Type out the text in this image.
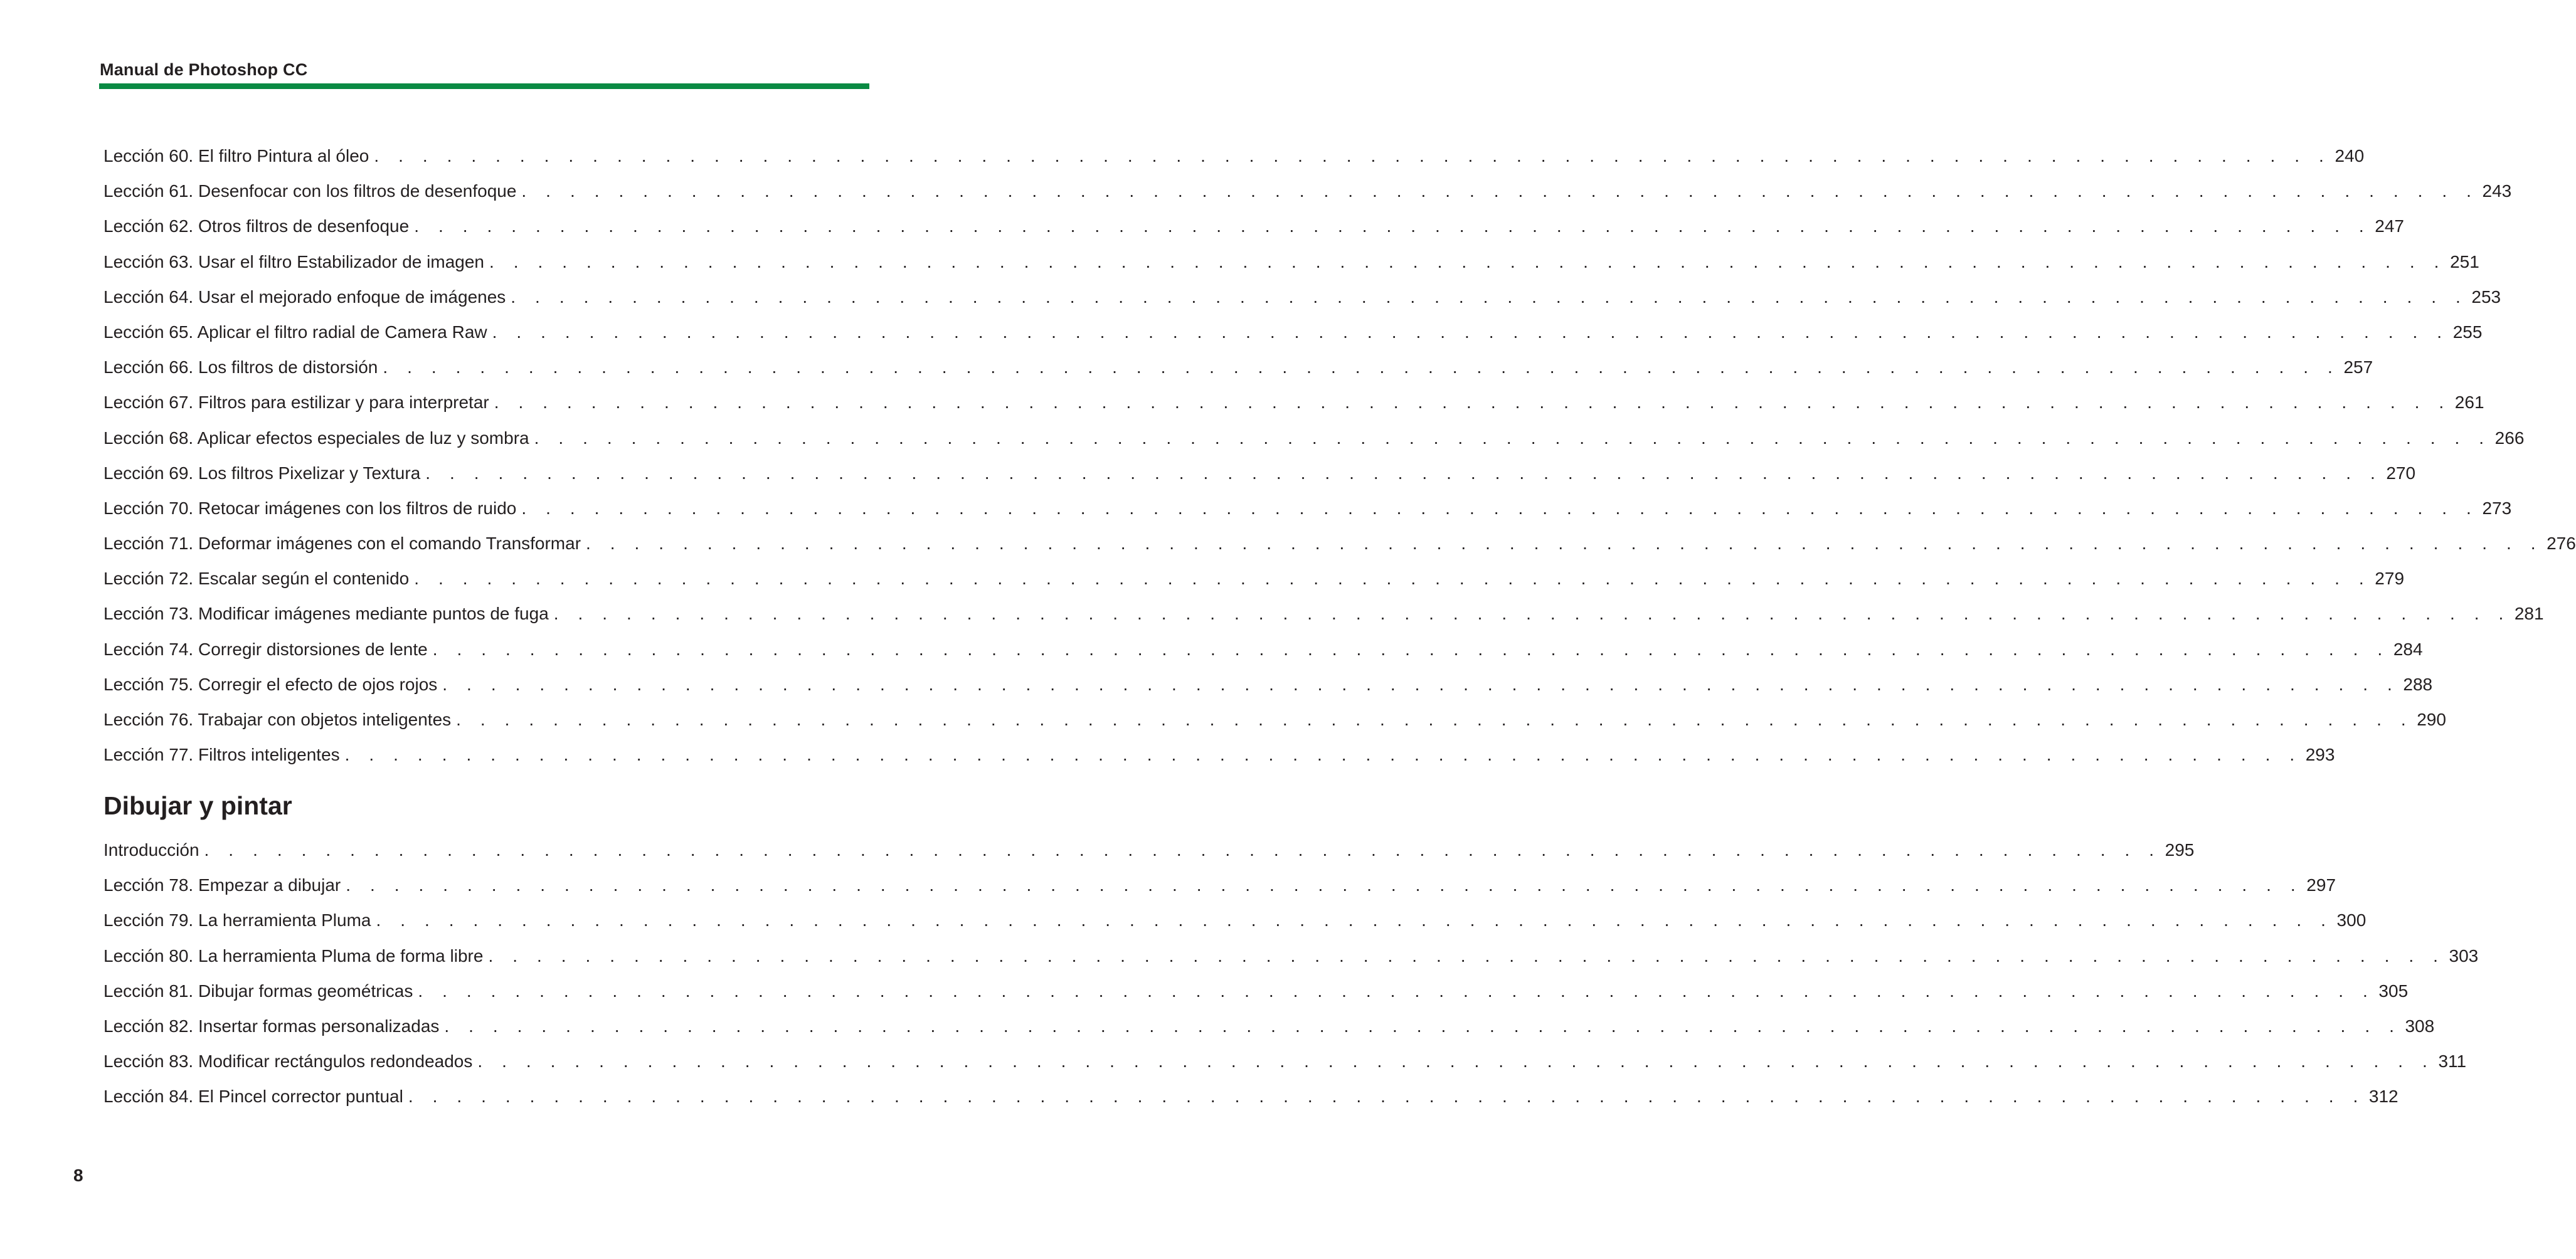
Manual de Photoshop CC
Lección 60. El filtro Pintura al óleo . . . . . . . . . . . . . . . . . . . . . . . . . . . . . . . . . . . . . . . . . . . . . . . . . . . . . . . . . . . . . . . . . . . . . . . . . . . . . . . . . 240
Lección 61. Desenfocar con los filtros de desenfoque . . . . . . . . . . . . . . . . . . . . . . . . . . . . . . . . . . . . . . . . . . . . . . . . . . . . . . . . . . . . . . . . . . . . . . . . . . . . . . . . . 243
Lección 62. Otros filtros de desenfoque . . . . . . . . . . . . . . . . . . . . . . . . . . . . . . . . . . . . . . . . . . . . . . . . . . . . . . . . . . . . . . . . . . . . . . . . . . . . . . . . . 247
Lección 63. Usar el filtro Estabilizador de imagen . . . . . . . . . . . . . . . . . . . . . . . . . . . . . . . . . . . . . . . . . . . . . . . . . . . . . . . . . . . . . . . . . . . . . . . . . . . . . . . . . 251
Lección 64. Usar el mejorado enfoque de imágenes . . . . . . . . . . . . . . . . . . . . . . . . . . . . . . . . . . . . . . . . . . . . . . . . . . . . . . . . . . . . . . . . . . . . . . . . . . . . . . . . . 253
Lección 65. Aplicar el filtro radial de Camera Raw . . . . . . . . . . . . . . . . . . . . . . . . . . . . . . . . . . . . . . . . . . . . . . . . . . . . . . . . . . . . . . . . . . . . . . . . . . . . . . . . . 255
Lección 66. Los filtros de distorsión . . . . . . . . . . . . . . . . . . . . . . . . . . . . . . . . . . . . . . . . . . . . . . . . . . . . . . . . . . . . . . . . . . . . . . . . . . . . . . . . . 257
Lección 67. Filtros para estilizar y para interpretar . . . . . . . . . . . . . . . . . . . . . . . . . . . . . . . . . . . . . . . . . . . . . . . . . . . . . . . . . . . . . . . . . . . . . . . . . . . . . . . . . 261
Lección 68. Aplicar efectos especiales de luz y sombra . . . . . . . . . . . . . . . . . . . . . . . . . . . . . . . . . . . . . . . . . . . . . . . . . . . . . . . . . . . . . . . . . . . . . . . . . . . . . . . . . 266
Lección 69. Los filtros Pixelizar y Textura . . . . . . . . . . . . . . . . . . . . . . . . . . . . . . . . . . . . . . . . . . . . . . . . . . . . . . . . . . . . . . . . . . . . . . . . . . . . . . . . . 270
Lección 70. Retocar imágenes con los filtros de ruido . . . . . . . . . . . . . . . . . . . . . . . . . . . . . . . . . . . . . . . . . . . . . . . . . . . . . . . . . . . . . . . . . . . . . . . . . . . . . . . . . 273
Lección 71. Deformar imágenes con el comando Transformar . . . . . . . . . . . . . . . . . . . . . . . . . . . . . . . . . . . . . . . . . . . . . . . . . . . . . . . . . . . . . . . . . . . . . . . . . . . . . . . . . 276
Lección 72. Escalar según el contenido . . . . . . . . . . . . . . . . . . . . . . . . . . . . . . . . . . . . . . . . . . . . . . . . . . . . . . . . . . . . . . . . . . . . . . . . . . . . . . . . . 279
Lección 73. Modificar imágenes mediante puntos de fuga . . . . . . . . . . . . . . . . . . . . . . . . . . . . . . . . . . . . . . . . . . . . . . . . . . . . . . . . . . . . . . . . . . . . . . . . . . . . . . . . . 281
Lección 74. Corregir distorsiones de lente . . . . . . . . . . . . . . . . . . . . . . . . . . . . . . . . . . . . . . . . . . . . . . . . . . . . . . . . . . . . . . . . . . . . . . . . . . . . . . . . . 284
Lección 75. Corregir el efecto de ojos rojos . . . . . . . . . . . . . . . . . . . . . . . . . . . . . . . . . . . . . . . . . . . . . . . . . . . . . . . . . . . . . . . . . . . . . . . . . . . . . . . . . 288
Lección 76. Trabajar con objetos inteligentes . . . . . . . . . . . . . . . . . . . . . . . . . . . . . . . . . . . . . . . . . . . . . . . . . . . . . . . . . . . . . . . . . . . . . . . . . . . . . . . . . 290
Lección 77. Filtros inteligentes . . . . . . . . . . . . . . . . . . . . . . . . . . . . . . . . . . . . . . . . . . . . . . . . . . . . . . . . . . . . . . . . . . . . . . . . . . . . . . . . . 293
Dibujar y pintar
Introducción . . . . . . . . . . . . . . . . . . . . . . . . . . . . . . . . . . . . . . . . . . . . . . . . . . . . . . . . . . . . . . . . . . . . . . . . . . . . . . . . . 295
Lección 78. Empezar a dibujar . . . . . . . . . . . . . . . . . . . . . . . . . . . . . . . . . . . . . . . . . . . . . . . . . . . . . . . . . . . . . . . . . . . . . . . . . . . . . . . . . 297
Lección 79. La herramienta Pluma . . . . . . . . . . . . . . . . . . . . . . . . . . . . . . . . . . . . . . . . . . . . . . . . . . . . . . . . . . . . . . . . . . . . . . . . . . . . . . . . . 300
Lección 80. La herramienta Pluma de forma libre . . . . . . . . . . . . . . . . . . . . . . . . . . . . . . . . . . . . . . . . . . . . . . . . . . . . . . . . . . . . . . . . . . . . . . . . . . . . . . . . . 303
Lección 81. Dibujar formas geométricas . . . . . . . . . . . . . . . . . . . . . . . . . . . . . . . . . . . . . . . . . . . . . . . . . . . . . . . . . . . . . . . . . . . . . . . . . . . . . . . . . 305
Lección 82. Insertar formas personalizadas . . . . . . . . . . . . . . . . . . . . . . . . . . . . . . . . . . . . . . . . . . . . . . . . . . . . . . . . . . . . . . . . . . . . . . . . . . . . . . . . . 308
Lección 83. Modificar rectángulos redondeados . . . . . . . . . . . . . . . . . . . . . . . . . . . . . . . . . . . . . . . . . . . . . . . . . . . . . . . . . . . . . . . . . . . . . . . . . . . . . . . . . 311
Lección 84. El Pincel corrector puntual . . . . . . . . . . . . . . . . . . . . . . . . . . . . . . . . . . . . . . . . . . . . . . . . . . . . . . . . . . . . . . . . . . . . . . . . . . . . . . . . . 312
8
